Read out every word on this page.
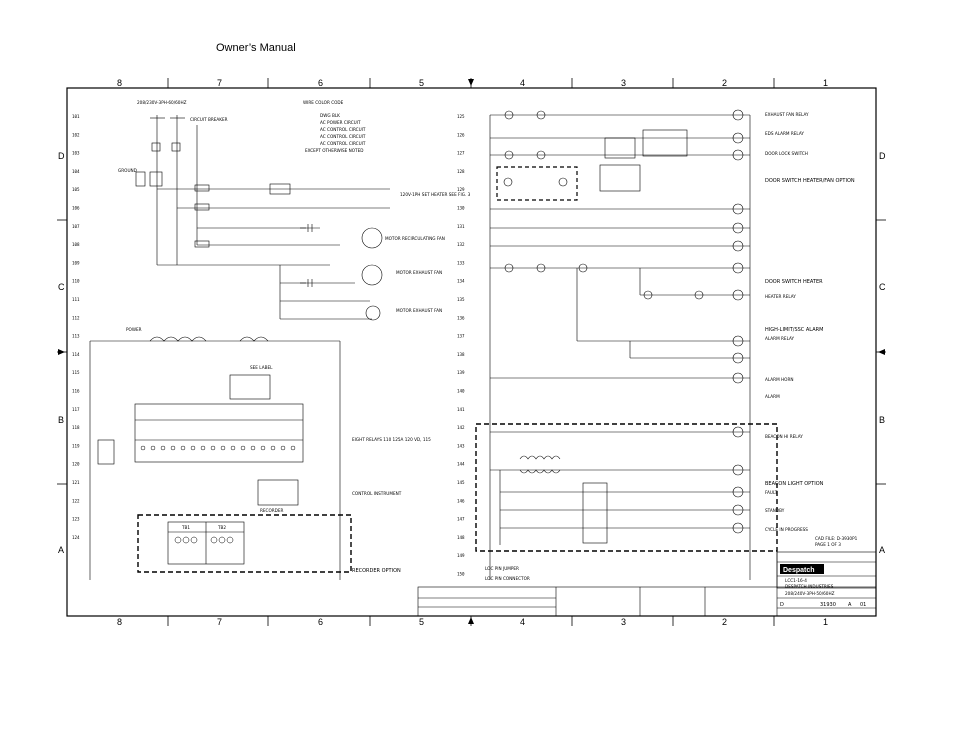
Owner’s Manual
8	7	6	5	4	3	2	1
8	7	6	5	4	3	2	1
D
C
B
A
D
C
B
A
101
102
103
104
105
106
107
108
109
110
111
112
113
114
115
116
117
118
119
120
121
122
123
124
125
126
127
128
129
130
131
132
133
134
135
136
137
138
139
140
141
142
143
144
145
146
147
148
149
150
208/230V-3PH-60/60HZ
CIRCUIT BREAKER
WIRE COLOR CODE
DWG BLK
AC POWER CIRCUIT
AC CONTROL CIRCUIT
AC CONTROL CIRCUIT
AC CONTROL CIRCUIT
EXCEPT OTHERWISE NOTED
GROUND
120V-1PH SET HEATER SEE FIG. 3
MOTOR RECIRCULATING FAN
MOTOR EXHAUST FAN
MOTOR EXHAUST FAN
POWER
SEE LABEL
EIGHT RELAYS 110 125A 120 VD, 115
CONTROL INSTRUMENT
RECORDER OPTION
RECORDER
TB1	TB2
EXHAUST FAN RELAY
EDS ALARM RELAY
DOOR LOCK SWITCH
DOOR SWITCH HEATER/FAN OPTION
DOOR SWITCH HEATER
HEATER RELAY
HIGH-LIMIT/SSC ALARM
ALARM RELAY
ALARM HORN
ALARM
BEACON HI RELAY
BEACON LIGHT OPTION
FAULT
STANDBY
CYCLE IN PROGRESS
LOC PIN JUMPER
LOC PIN CONNECTOR
Despatch
LCC1-16-4
DESPATCH INDUSTRIES
208/240V-3PH-50/60HZ
D	31930 A 01
CAD FILE: D-3930P1
PAGE 1 OF 3
